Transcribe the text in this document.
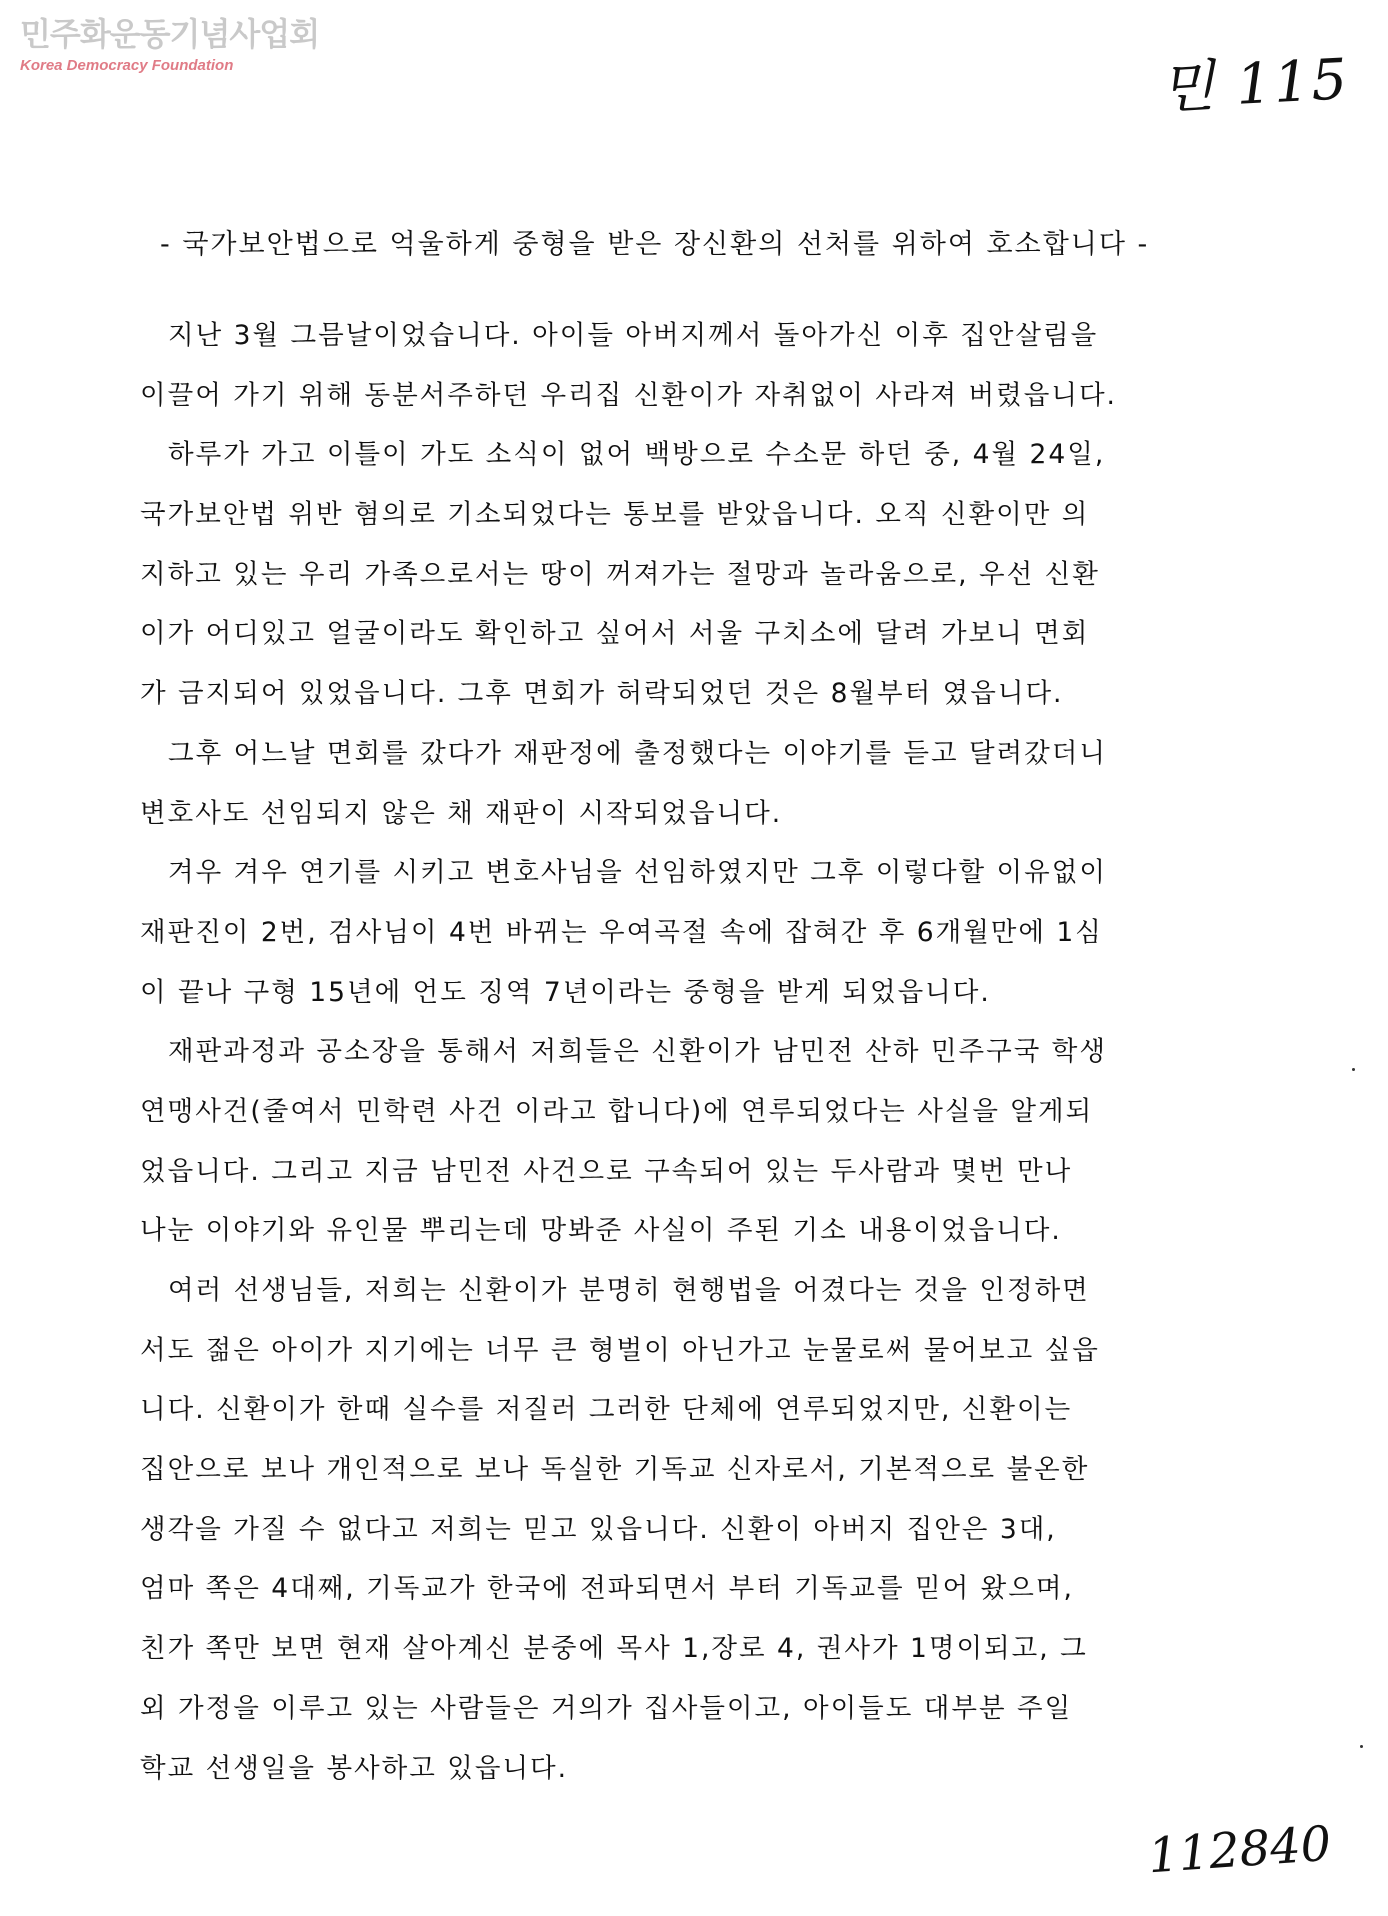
민주화운동기념사업회
Korea Democracy Foundation	민 115
- 국가보안법으로 억울하게 중형을 받은 장신환의 선처를 위하여 호소합니다 -
지난 3월 그믐날이었습니다. 아이들 아버지께서 돌아가신 이후 집안살림을
이끌어 가기 위해 동분서주하던 우리집 신환이가 자취없이 사라져 버렸읍니다.
하루가 가고 이틀이 가도 소식이 없어 백방으로 수소문 하던 중, 4월 24일,
국가보안법 위반 혐의로 기소되었다는 통보를 받았읍니다. 오직 신환이만 의
지하고 있는 우리 가족으로서는 땅이 꺼져가는 절망과 놀라움으로, 우선 신환
이가 어디있고 얼굴이라도 확인하고 싶어서 서울 구치소에 달려 가보니 면회
가 금지되어 있었읍니다. 그후 면회가 허락되었던 것은 8월부터 였읍니다.
그후 어느날 면회를 갔다가 재판정에 출정했다는 이야기를 듣고 달려갔더니
변호사도 선임되지 않은 채 재판이 시작되었읍니다.
겨우 겨우 연기를 시키고 변호사님을 선임하였지만 그후 이렇다할 이유없이
재판진이 2번, 검사님이 4번 바뀌는 우여곡절 속에 잡혀간 후 6개월만에 1심
이 끝나 구형 15년에 언도 징역 7년이라는 중형을 받게 되었읍니다.
재판과정과 공소장을 통해서 저희들은 신환이가 남민전 산하 민주구국 학생
연맹사건(줄여서 민학련 사건 이라고 합니다)에 연루되었다는 사실을 알게되
었읍니다. 그리고 지금 남민전 사건으로 구속되어 있는 두사람과 몇번 만나
나눈 이야기와 유인물 뿌리는데 망봐준 사실이 주된 기소 내용이었읍니다.
여러 선생님들, 저희는 신환이가 분명히 현행법을 어겼다는 것을 인정하면
서도 젊은 아이가 지기에는 너무 큰 형벌이 아닌가고 눈물로써 물어보고 싶읍
니다. 신환이가 한때 실수를 저질러 그러한 단체에 연루되었지만, 신환이는
집안으로 보나 개인적으로 보나 독실한 기독교 신자로서, 기본적으로 불온한
생각을 가질 수 없다고 저희는 믿고 있읍니다. 신환이 아버지 집안은 3대,
엄마 쪽은 4대째, 기독교가 한국에 전파되면서 부터 기독교를 믿어 왔으며,
친가 쪽만 보면 현재 살아계신 분중에 목사 1,장로 4, 권사가 1명이되고, 그
외 가정을 이루고 있는 사람들은 거의가 집사들이고, 아이들도 대부분 주일
학교 선생일을 봉사하고 있읍니다.
112840
